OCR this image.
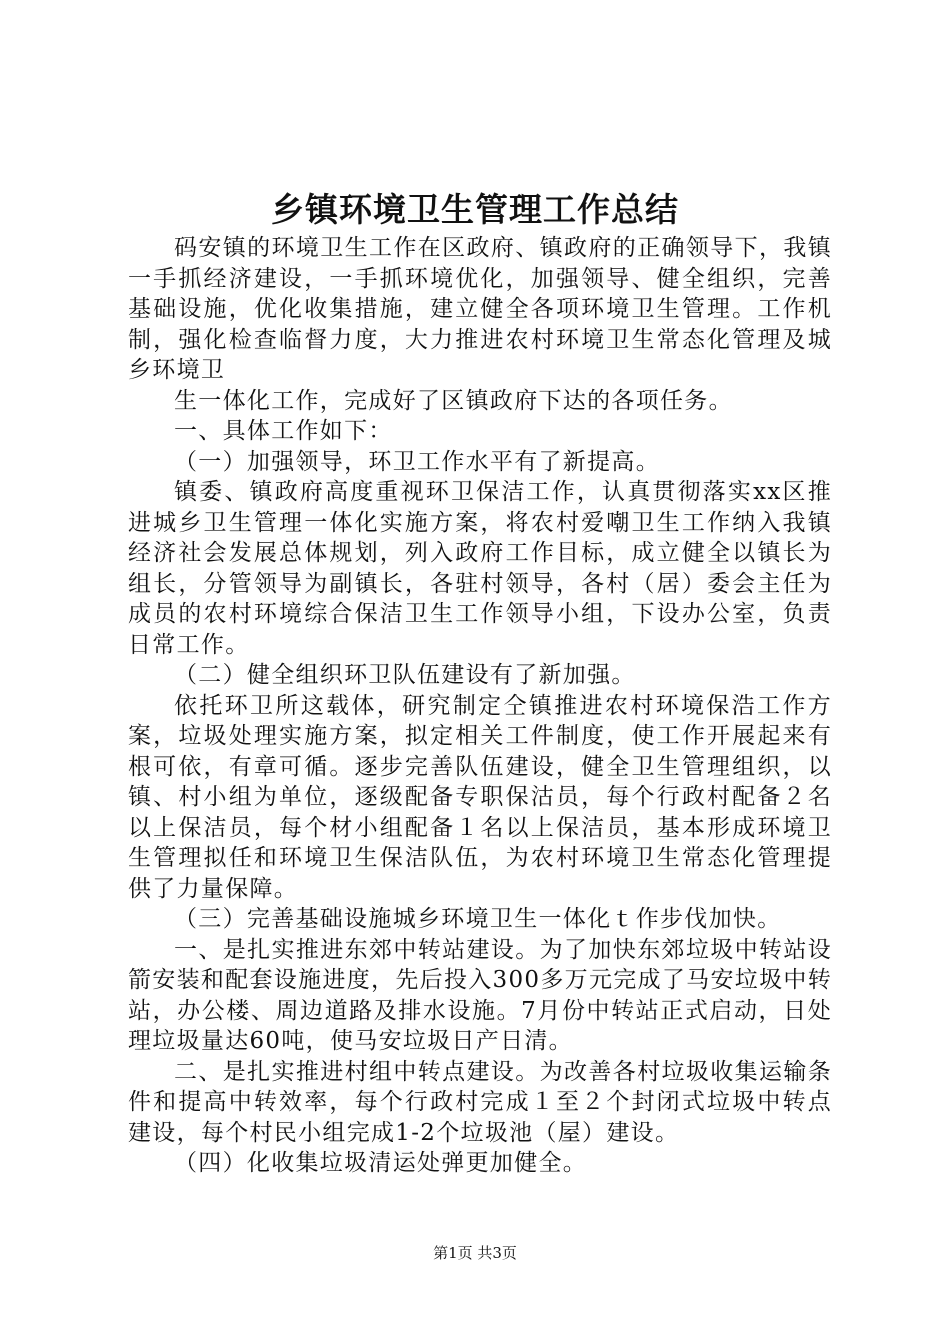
乡镇环境卫生管理工作总结

码安镇的环境卫生工作在区政府、镇政府的正确领导下，我镇一手抓经济建设，一手抓环境优化，加强领导、健全组织，完善基础设施，优化收集措施，建立健全各项环境卫生管理。工作机制，强化检查临督力度，大力推进农村环境卫生常态化管理及城乡环境卫

生一体化工作，完成好了区镇政府下达的各项任务。

一、具体工作如下：

（一）加强领导，环卫工作水平有了新提高。

镇委、镇政府高度重视环卫保洁工作，认真贯彻落实xx区推进城乡卫生管理一体化实施方案，将农村爱嘲卫生工作纳入我镇经济社会发展总体规划，列入政府工作目标，成立健全以镇长为组长，分管领导为副镇长，各驻村领导，各村（居）委会主任为成员的农村环境综合保洁卫生工作领导小组，下设办公室，负责日常工作。

（二）健全组织环卫队伍建设有了新加强。

依托环卫所这载体，研究制定仝镇推进农村环境保浩工作方案，垃圾处理实施方案，拟定相关工件制度，使工作开展起来有根可依，有章可循。逐步完善队伍建设，健全卫生管理组织，以镇、村小组为单位，逐级配备专职保沽员，每个行政村配备２名以上保洁员，每个材小组配备１名以上保洁员，基本形成环境卫生管理拟任和环境卫生保洁队伍，为农村环境卫生常态化管理提供了力量保障。

（三）完善基础设施城乡环境卫生一体化ｔ作步伐加快。

一、是扎实推进东郊中转站建设。为了加快东郊垃圾中转站设箭安装和配套设施进度，先后投入300多万元完成了马安垃圾中转站，办公楼、周边道路及排水设施。7月份中转站正式启动，日处理垃圾量达60吨，使马安垃圾日产日清。

二、是扎实推进村组中转点建设。为改善各村垃圾收集运输条件和提高中转效率，每个行政村完成１至２个封闭式垃圾中转点建设，每个村民小组完成1-2个垃圾池（屋）建设。

（四）化收集垃圾清运处弹更加健全。

第1页 共3页
